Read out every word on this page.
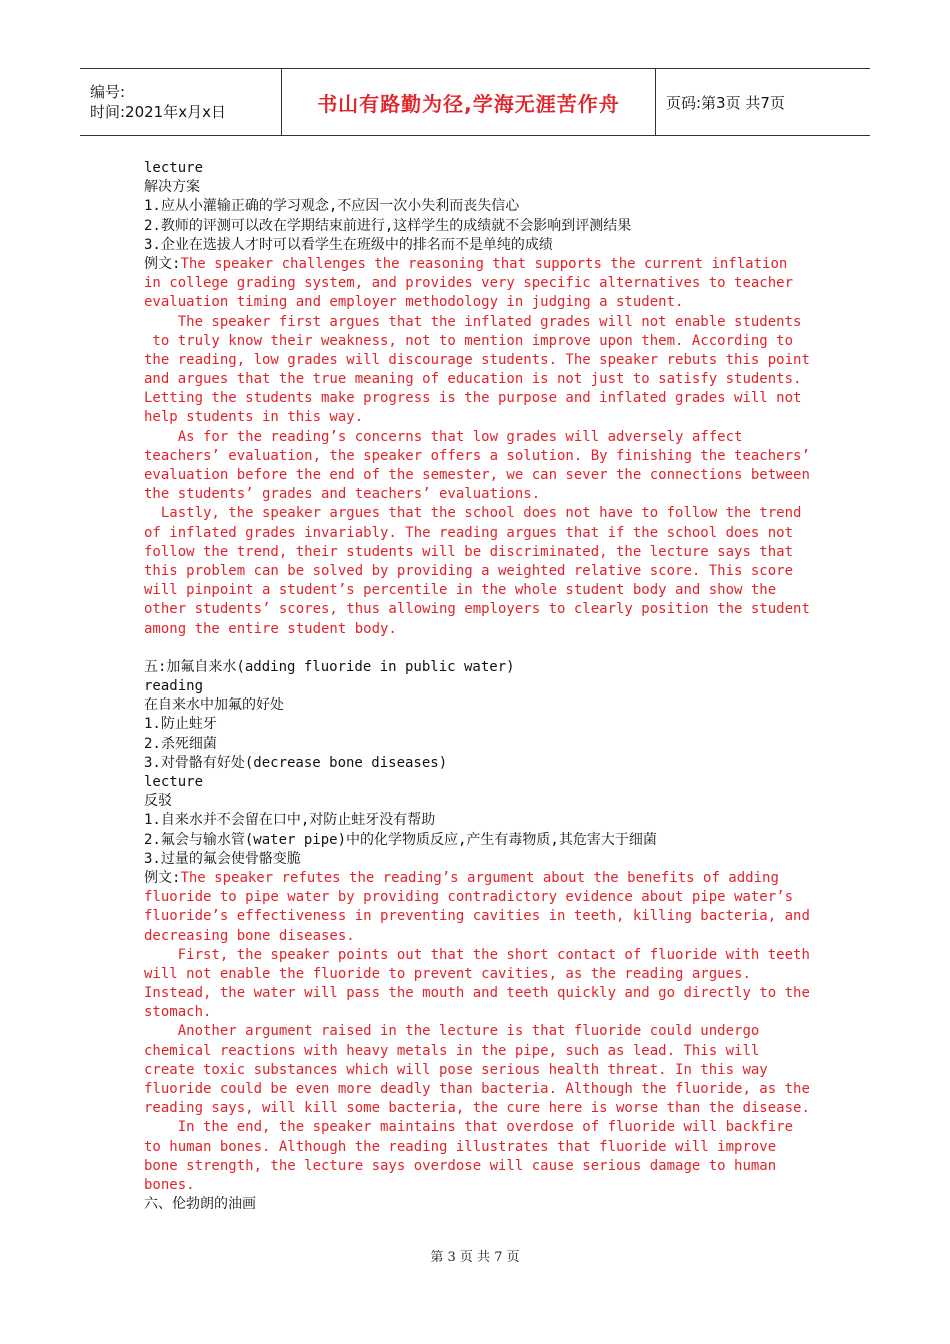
编号:
时间:2021年x月x日	书山有路勤为径,学海无涯苦作舟	页码:第3页 共7页
lecture
解决方案
1.应从小灌输正确的学习观念,不应因一次小失利而丧失信心
2.教师的评测可以改在学期结束前进行,这样学生的成绩就不会影响到评测结果
3.企业在选拔人才时可以看学生在班级中的排名而不是单纯的成绩
例文:The speaker challenges the reasoning that supports the current inflation
in college grading system, and provides very specific alternatives to teacher
evaluation timing and employer methodology in judging a student.
The speaker first argues that the inflated grades will not enable students
to truly know their weakness, not to mention improve upon them. According to
the reading, low grades will discourage students. The speaker rebuts this point
and argues that the true meaning of education is not just to satisfy students.
Letting the students make progress is the purpose and inflated grades will not
help students in this way.
As for the reading’s concerns that low grades will adversely affect
teachers’ evaluation, the speaker offers a solution. By finishing the teachers’
evaluation before the end of the semester, we can sever the connections between
the students’ grades and teachers’ evaluations.
Lastly, the speaker argues that the school does not have to follow the trend
of inflated grades invariably. The reading argues that if the school does not
follow the trend, their students will be discriminated, the lecture says that
this problem can be solved by providing a weighted relative score. This score
will pinpoint a student’s percentile in the whole student body and show the
other students’ scores, thus allowing employers to clearly position the student
among the entire student body.
五:加氟自来水(adding fluoride in public water)
reading
在自来水中加氟的好处
1.防止蛀牙
2.杀死细菌
3.对骨骼有好处(decrease bone diseases)
lecture
反驳
1.自来水并不会留在口中,对防止蛀牙没有帮助
2.氟会与输水管(water pipe)中的化学物质反应,产生有毒物质,其危害大于细菌
3.过量的氟会使骨骼变脆
例文:The speaker refutes the reading’s argument about the benefits of adding
fluoride to pipe water by providing contradictory evidence about pipe water’s
fluoride’s effectiveness in preventing cavities in teeth, killing bacteria, and
decreasing bone diseases.
First, the speaker points out that the short contact of fluoride with teeth
will not enable the fluoride to prevent cavities, as the reading argues.
Instead, the water will pass the mouth and teeth quickly and go directly to the
stomach.
Another argument raised in the lecture is that fluoride could undergo
chemical reactions with heavy metals in the pipe, such as lead. This will
create toxic substances which will pose serious health threat. In this way
fluoride could be even more deadly than bacteria. Although the fluoride, as the
reading says, will kill some bacteria, the cure here is worse than the disease.
In the end, the speaker maintains that overdose of fluoride will backfire
to human bones. Although the reading illustrates that fluoride will improve
bone strength, the lecture says overdose will cause serious damage to human
bones.
六、伦勃朗的油画
第 3 页 共 7 页
